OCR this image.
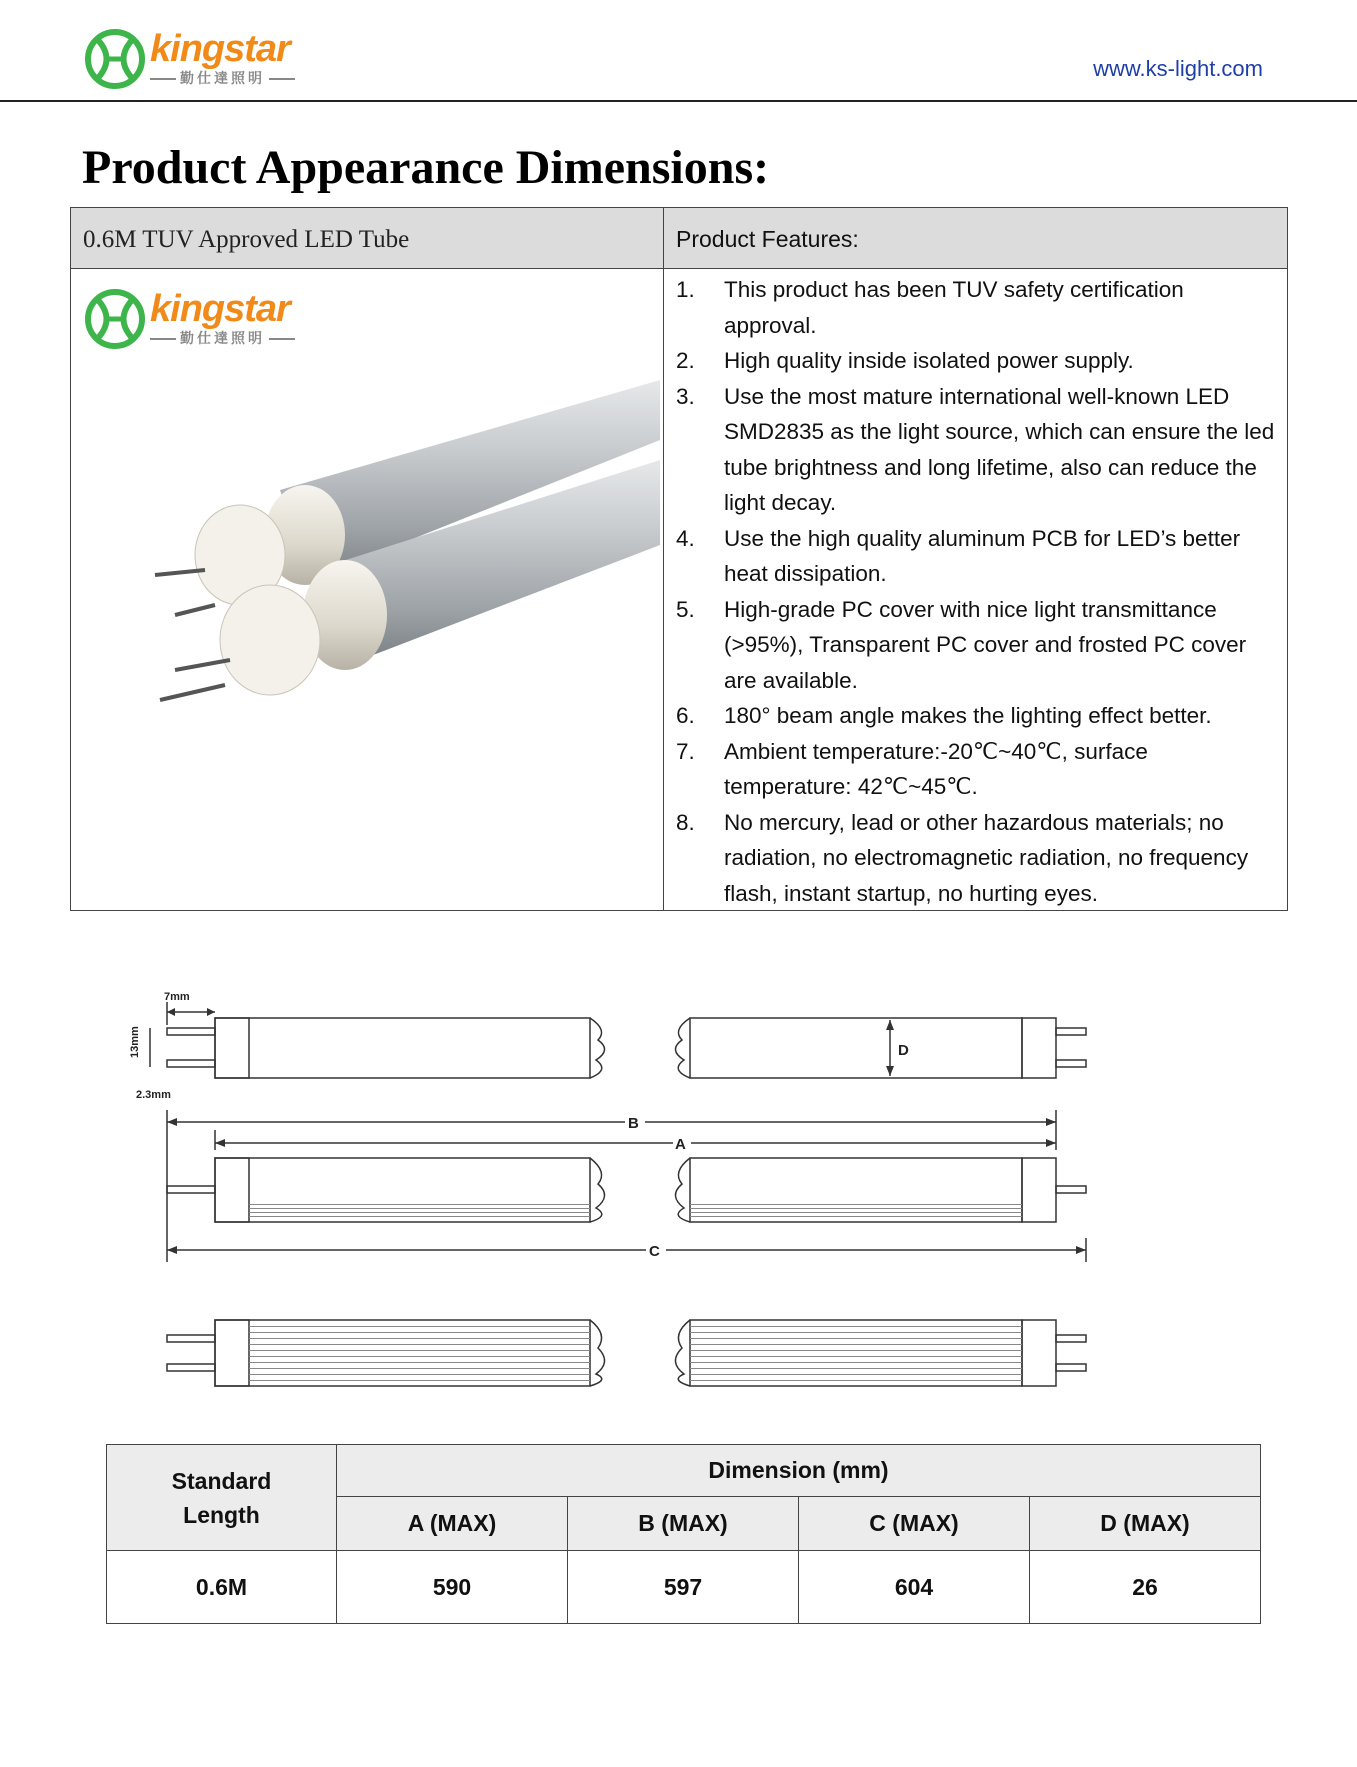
kingstar
勤仕達照明	www.ks-light.com
Product Appearance Dimensions:
0.6M TUV Approved LED Tube	Product Features:
1. This product has been TUV safety certification approval.
2. High quality inside isolated power supply.
3. Use the most mature international well-known LED SMD2835 as the light source, which can ensure the led tube brightness and long lifetime, also can reduce the light decay.
4. Use the high quality aluminum PCB for LED’s better heat dissipation.
5. High-grade PC cover with nice light transmittance (>95%), Transparent PC cover and frosted PC cover are available.
6. 180° beam angle makes the lighting effect better.
7. Ambient temperature:-20℃~40℃, surface temperature: 42℃~45℃.
8. No mercury, lead or other hazardous materials; no radiation, no electromagnetic radiation, no frequency flash, instant startup, no hurting eyes.
kingstar
勤仕達照明
7mm
13mm
2.3mm
B
A
C
D
Standard Length	Dimension (mm)			
	A (MAX)	B (MAX)	C (MAX)	D (MAX)
0.6M	590	597	604	26
